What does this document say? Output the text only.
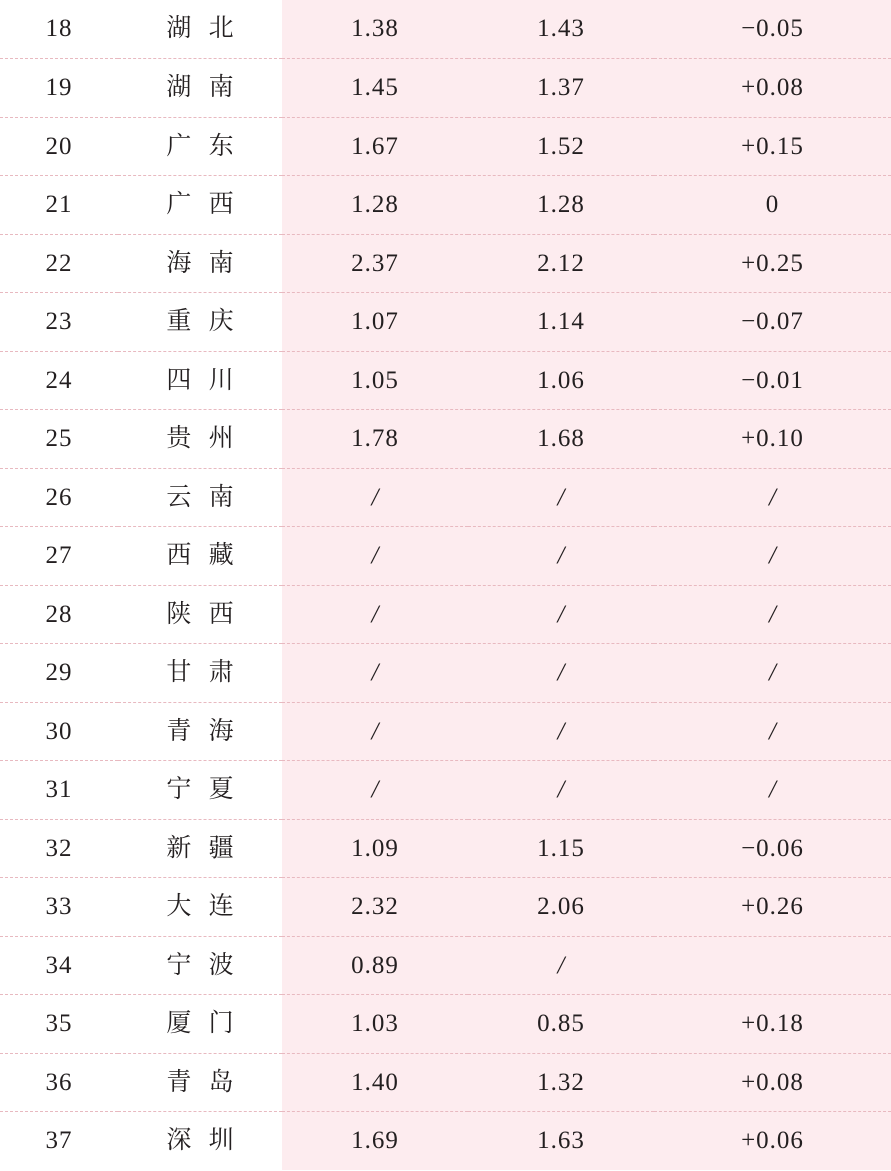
18	湖 北	1.38	1.43	−0.05
19	湖 南	1.45	1.37	+0.08
20	广 东	1.67	1.52	+0.15
21	广 西	1.28	1.28	0
22	海 南	2.37	2.12	+0.25
23	重 庆	1.07	1.14	−0.07
24	四 川	1.05	1.06	−0.01
25	贵 州	1.78	1.68	+0.10
26	云 南	/	/	/
27	西 藏	/	/	/
28	陕 西	/	/	/
29	甘 肃	/	/	/
30	青 海	/	/	/
31	宁 夏	/	/	/
32	新 疆	1.09	1.15	−0.06
33	大 连	2.32	2.06	+0.26
34	宁 波	0.89	/	
35	厦 门	1.03	0.85	+0.18
36	青 岛	1.40	1.32	+0.08
37	深 圳	1.69	1.63	+0.06
